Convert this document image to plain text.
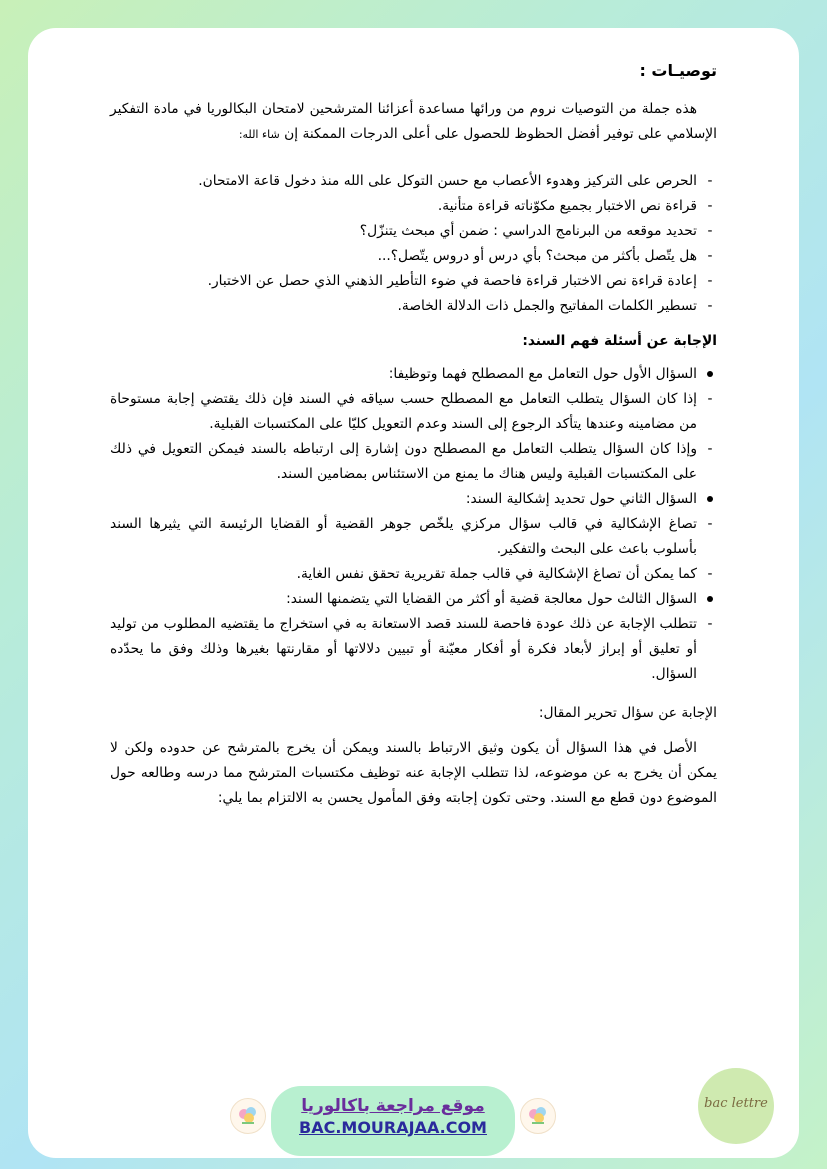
توصيـات :

هذه جملة من التوصيات نروم من ورائها مساعدة أعزائنا المترشحين لامتحان البكالوريا في مادة التفكير الإسلامي على توفير أفضل الحظوظ للحصول على أعلى الدرجات الممكنة إن شاء الله:

-
الحرص على التركيز وهدوء الأعصاب مع حسن التوكل على الله منذ دخول قاعة الامتحان.
-
قراءة نص الاختبار بجميع مكوّناته قراءة متأنية.
-
تحديد موقعه من البرنامج الدراسي : ضمن أي مبحث يتنزّل؟
-
هل يتّصل بأكثر من مبحث؟ بأي درس أو دروس يتّصل؟...
-
إعادة قراءة نص الاختبار قراءة فاحصة في ضوء التأطير الذهني الذي حصل عن الاختبار.
-
تسطير الكلمات المفاتيح والجمل ذات الدلالة الخاصة.

الإجابة عن أسئلة فهم السند:

السؤال الأول حول التعامل مع المصطلح فهما وتوظيفا:
-
إذا كان السؤال يتطلب التعامل مع المصطلح حسب سياقه في السند فإن ذلك يقتضي إجابة مستوحاة من مضامينه وعندها يتأكد الرجوع إلى السند وعدم التعويل كليّا على المكتسبات القبلية.
-
وإذا كان السؤال يتطلب التعامل مع المصطلح دون إشارة إلى ارتباطه بالسند فيمكن التعويل في ذلك على المكتسبات القبلية وليس هناك ما يمنع من الاستئناس بمضامين السند.
السؤال الثاني حول تحديد إشكالية السند:
-
تصاغ الإشكالية في قالب سؤال مركزي يلخّص جوهر القضية أو القضايا الرئيسة التي يثيرها السند بأسلوب باعث على البحث والتفكير.
-
كما يمكن أن تصاغ الإشكالية في قالب جملة تقريرية تحقق نفس الغاية.
السؤال الثالث حول معالجة قضية أو أكثر من القضايا التي يتضمنها السند:
-
تتطلب الإجابة عن ذلك عودة فاحصة للسند قصد الاستعانة به في استخراج ما يقتضيه المطلوب من توليد أو تعليق أو إبراز لأبعاد فكرة أو أفكار معيّنة أو تبيين دلالاتها أو مقارنتها بغيرها وذلك وفق ما يحدّده السؤال.

الإجابة عن سؤال تحرير المقال:

الأصل في هذا السؤال أن يكون وثيق الارتباط بالسند ويمكن أن يخرج بالمترشح عن حدوده ولكن لا يمكن أن يخرج به عن موضوعه، لذا تتطلب الإجابة عنه توظيف مكتسبات المترشح مما درسه وطالعه حول الموضوع دون قطع مع السند. وحتى تكون إجابته وفق المأمول يحسن به الالتزام بما يلي:

موقع مراجعة باكالوريا
BAC.MOURAJAA.COM
bac lettre
